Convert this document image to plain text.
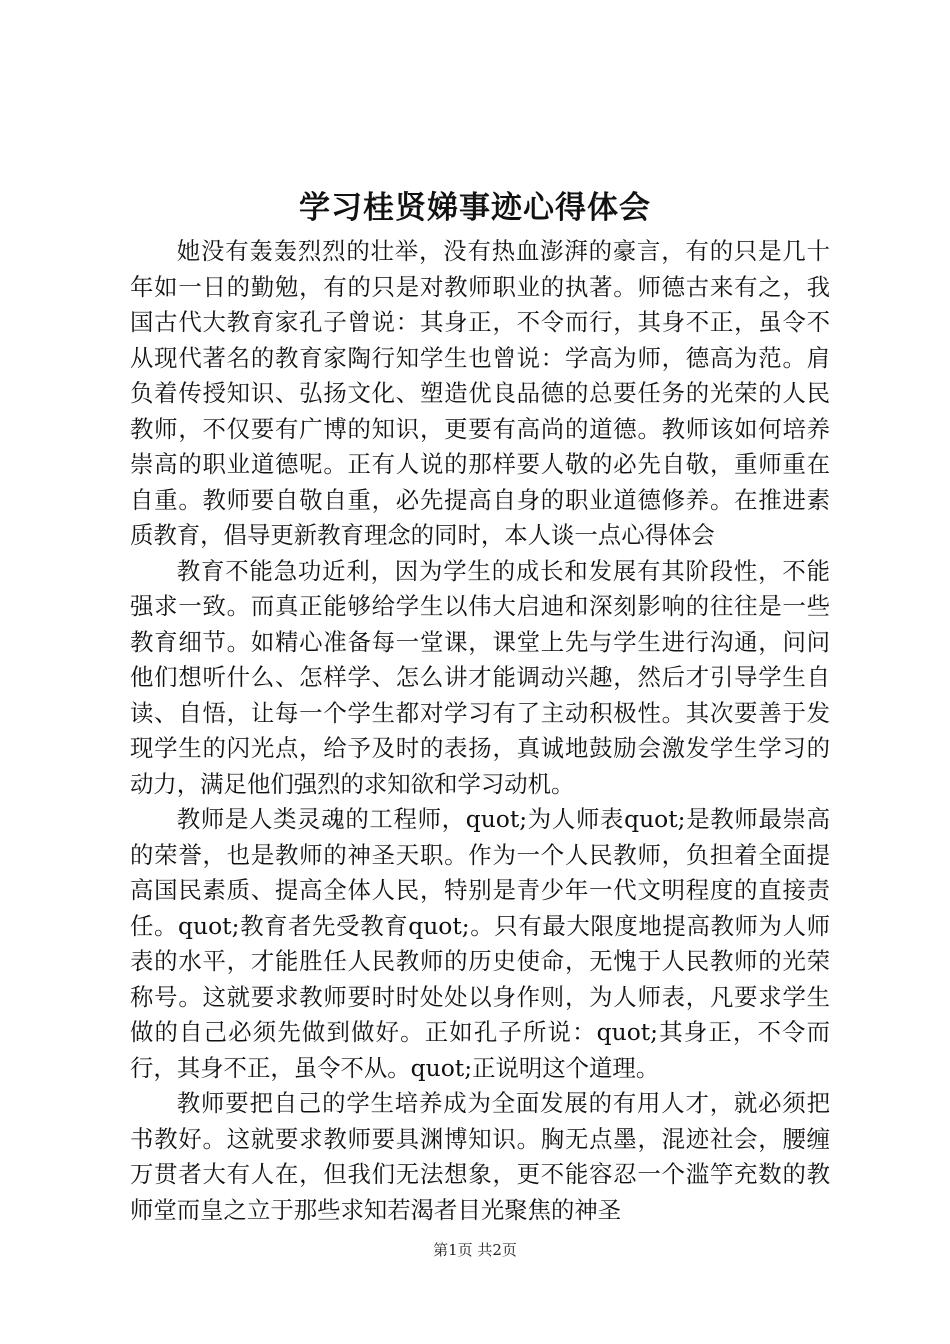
学习桂贤娣事迹心得体会

她没有轰轰烈烈的壮举，没有热血澎湃的豪言，有的只是几十年如一日的勤勉，有的只是对教师职业的执著。师德古来有之，我国古代大教育家孔子曾说：其身正，不令而行，其身不正，虽令不从现代著名的教育家陶行知学生也曾说：学高为师，德高为范。肩负着传授知识、弘扬文化、塑造优良品德的总要任务的光荣的人民教师，不仅要有广博的知识，更要有高尚的道德。教师该如何培养崇高的职业道德呢。正有人说的那样要人敬的必先自敬，重师重在自重。教师要自敬自重，必先提高自身的职业道德修养。在推进素质教育，倡导更新教育理念的同时，本人谈一点心得体会

教育不能急功近利，因为学生的成长和发展有其阶段性，不能强求一致。而真正能够给学生以伟大启迪和深刻影响的往往是一些教育细节。如精心准备每一堂课，课堂上先与学生进行沟通，问问他们想听什么、怎样学、怎么讲才能调动兴趣，然后才引导学生自读、自悟，让每一个学生都对学习有了主动积极性。其次要善于发现学生的闪光点，给予及时的表扬，真诚地鼓励会激发学生学习的动力，满足他们强烈的求知欲和学习动机。

教师是人类灵魂的工程师，quot;为人师表quot;是教师最崇高的荣誉，也是教师的神圣天职。作为一个人民教师，负担着全面提高国民素质、提高全体人民，特别是青少年一代文明程度的直接责任。quot;教育者先受教育quot;。只有最大限度地提高教师为人师表的水平，才能胜任人民教师的历史使命，无愧于人民教师的光荣称号。这就要求教师要时时处处以身作则，为人师表，凡要求学生做的自己必须先做到做好。正如孔子所说：quot;其身正，不令而行，其身不正，虽令不从。quot;正说明这个道理。

教师要把自己的学生培养成为全面发展的有用人才，就必须把书教好。这就要求教师要具渊博知识。胸无点墨，混迹社会，腰缠万贯者大有人在，但我们无法想象，更不能容忍一个滥竽充数的教师堂而皇之立于那些求知若渴者目光聚焦的神圣

第1页 共2页
